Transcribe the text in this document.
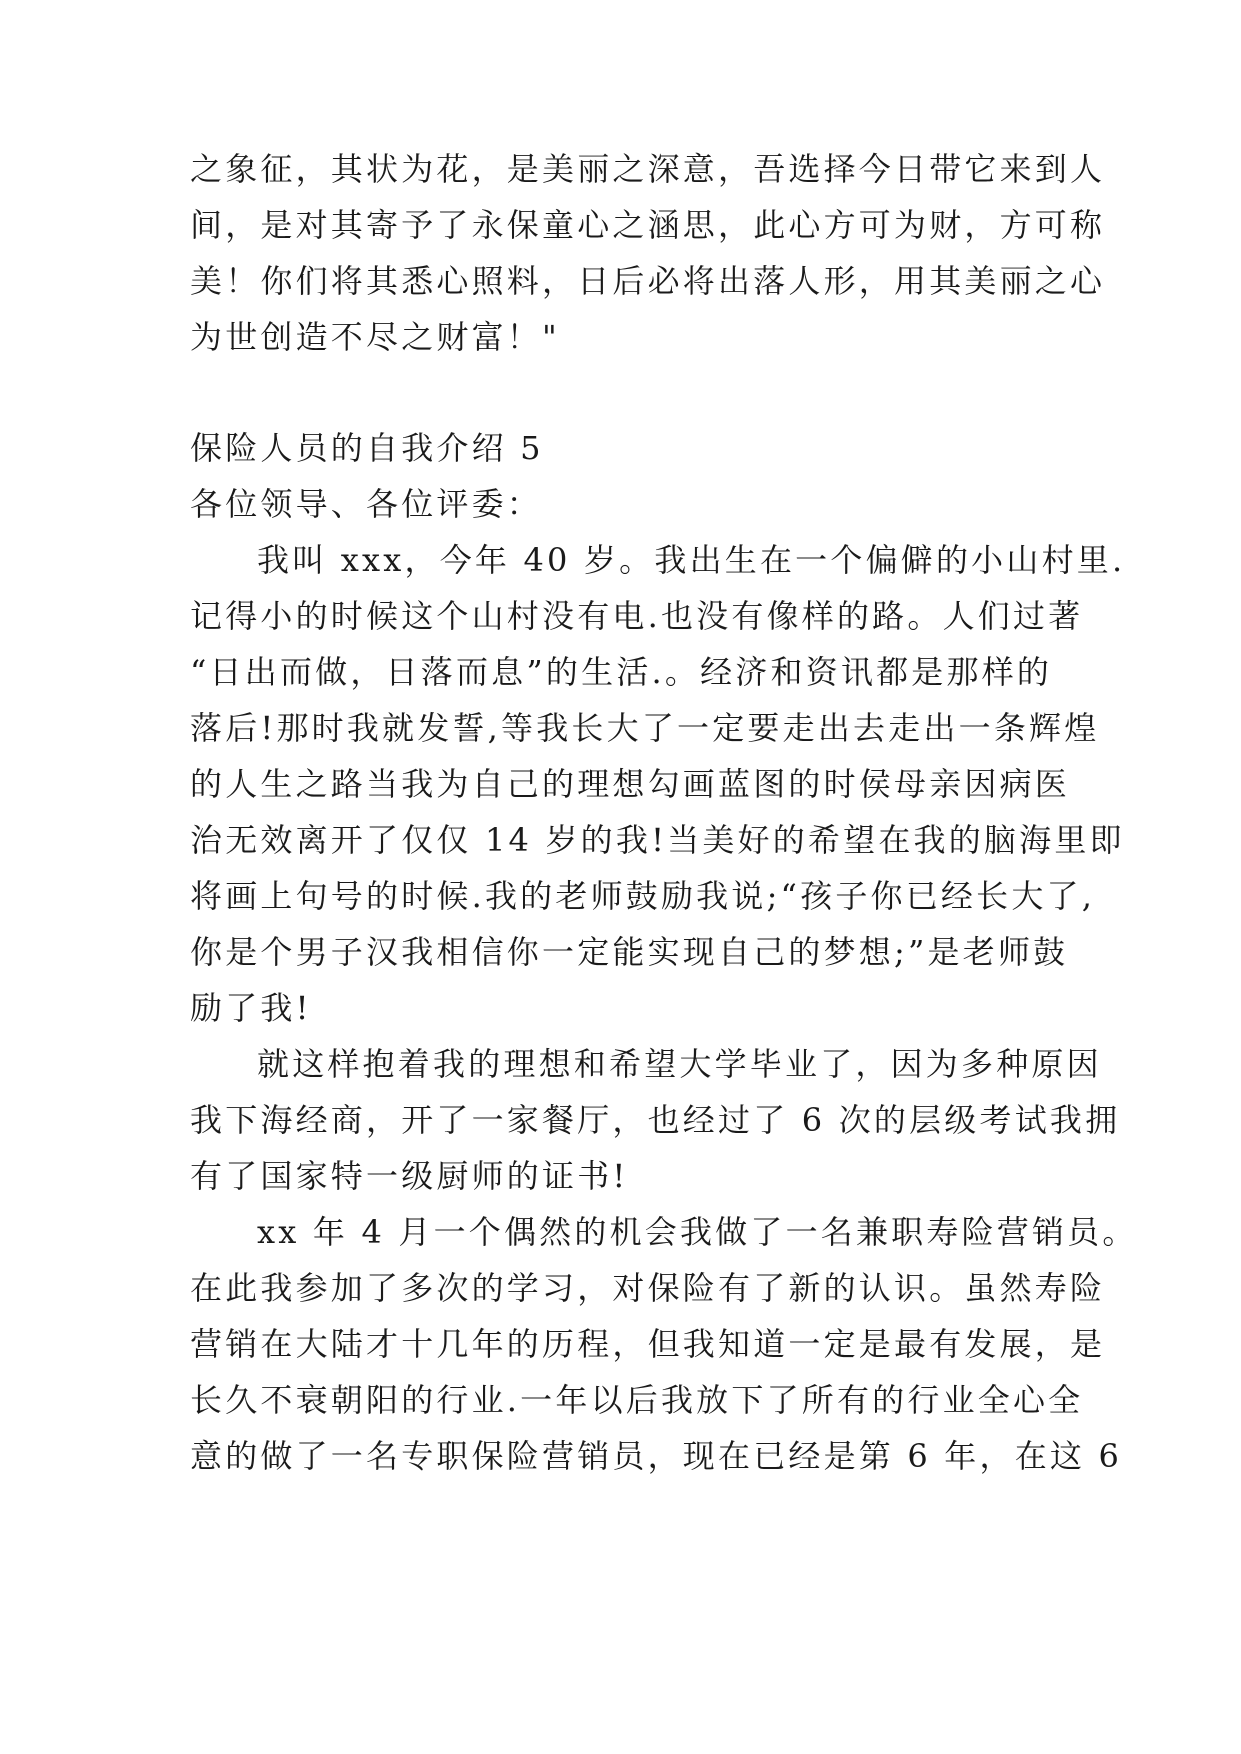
之象征，其状为花，是美丽之深意，吾选择今日带它来到人
间，是对其寄予了永保童心之涵思，此心方可为财，方可称
美！你们将其悉心照料，日后必将出落人形，用其美丽之心
为世创造不尽之财富！"
保险人员的自我介绍 5
各位领导、各位评委：
我叫 xxx，今年 40 岁。我出生在一个偏僻的小山村里.
记得小的时候这个山村没有电.也没有像样的路。人们过著
“日出而做，日落而息”的生活.。经济和资讯都是那样的
落后!那时我就发誓,等我长大了一定要走出去走出一条辉煌
的人生之路当我为自己的理想勾画蓝图的时侯母亲因病医
治无效离开了仅仅 14 岁的我!当美好的希望在我的脑海里即
将画上句号的时候.我的老师鼓励我说;“孩子你已经长大了,
你是个男子汉我相信你一定能实现自己的梦想;”是老师鼓
励了我!
就这样抱着我的理想和希望大学毕业了，因为多种原因
我下海经商，开了一家餐厅，也经过了 6 次的层级考试我拥
有了国家特一级厨师的证书!
xx 年 4 月一个偶然的机会我做了一名兼职寿险营销员。
在此我参加了多次的学习，对保险有了新的认识。虽然寿险
营销在大陆才十几年的历程，但我知道一定是最有发展，是
长久不衰朝阳的行业.一年以后我放下了所有的行业全心全
意的做了一名专职保险营销员，现在已经是第 6 年，在这 6
